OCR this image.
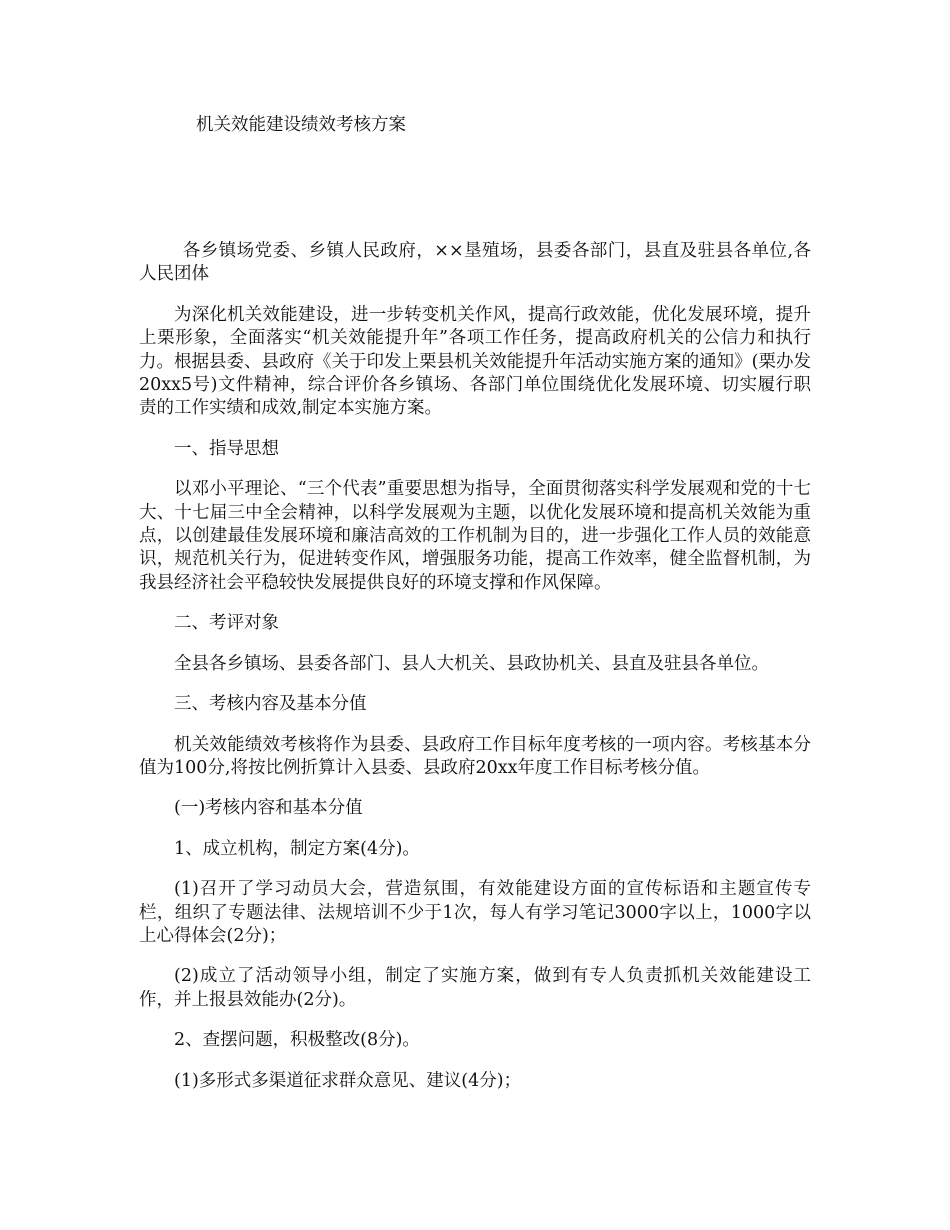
机关效能建设绩效考核方案

各乡镇场党委、乡镇人民政府，××垦殖场，县委各部门，县直及驻县各单位,各人民团体

为深化机关效能建设，进一步转变机关作风，提高行政效能，优化发展环境，提升上栗形象，全面落实“机关效能提升年”各项工作任务，提高政府机关的公信力和执行力。根据县委、县政府《关于印发上栗县机关效能提升年活动实施方案的通知》(栗办发20xx5号)文件精神，综合评价各乡镇场、各部门单位围绕优化发展环境、切实履行职责的工作实绩和成效,制定本实施方案。

一、指导思想

以邓小平理论、“三个代表”重要思想为指导，全面贯彻落实科学发展观和党的十七大、十七届三中全会精神，以科学发展观为主题，以优化发展环境和提高机关效能为重点，以创建最佳发展环境和廉洁高效的工作机制为目的，进一步强化工作人员的效能意识，规范机关行为，促进转变作风，增强服务功能，提高工作效率，健全监督机制，为我县经济社会平稳较快发展提供良好的环境支撑和作风保障。

二、考评对象

全县各乡镇场、县委各部门、县人大机关、县政协机关、县直及驻县各单位。

三、考核内容及基本分值

机关效能绩效考核将作为县委、县政府工作目标年度考核的一项内容。考核基本分值为100分,将按比例折算计入县委、县政府20xx年度工作目标考核分值。

(一)考核内容和基本分值

1、成立机构，制定方案(4分)。

(1)召开了学习动员大会，营造氛围，有效能建设方面的宣传标语和主题宣传专栏，组织了专题法律、法规培训不少于1次，每人有学习笔记3000字以上，1000字以上心得体会(2分)；

(2)成立了活动领导小组，制定了实施方案，做到有专人负责抓机关效能建设工作，并上报县效能办(2分)。

2、查摆问题，积极整改(8分)。

(1)多形式多渠道征求群众意见、建议(4分)；
